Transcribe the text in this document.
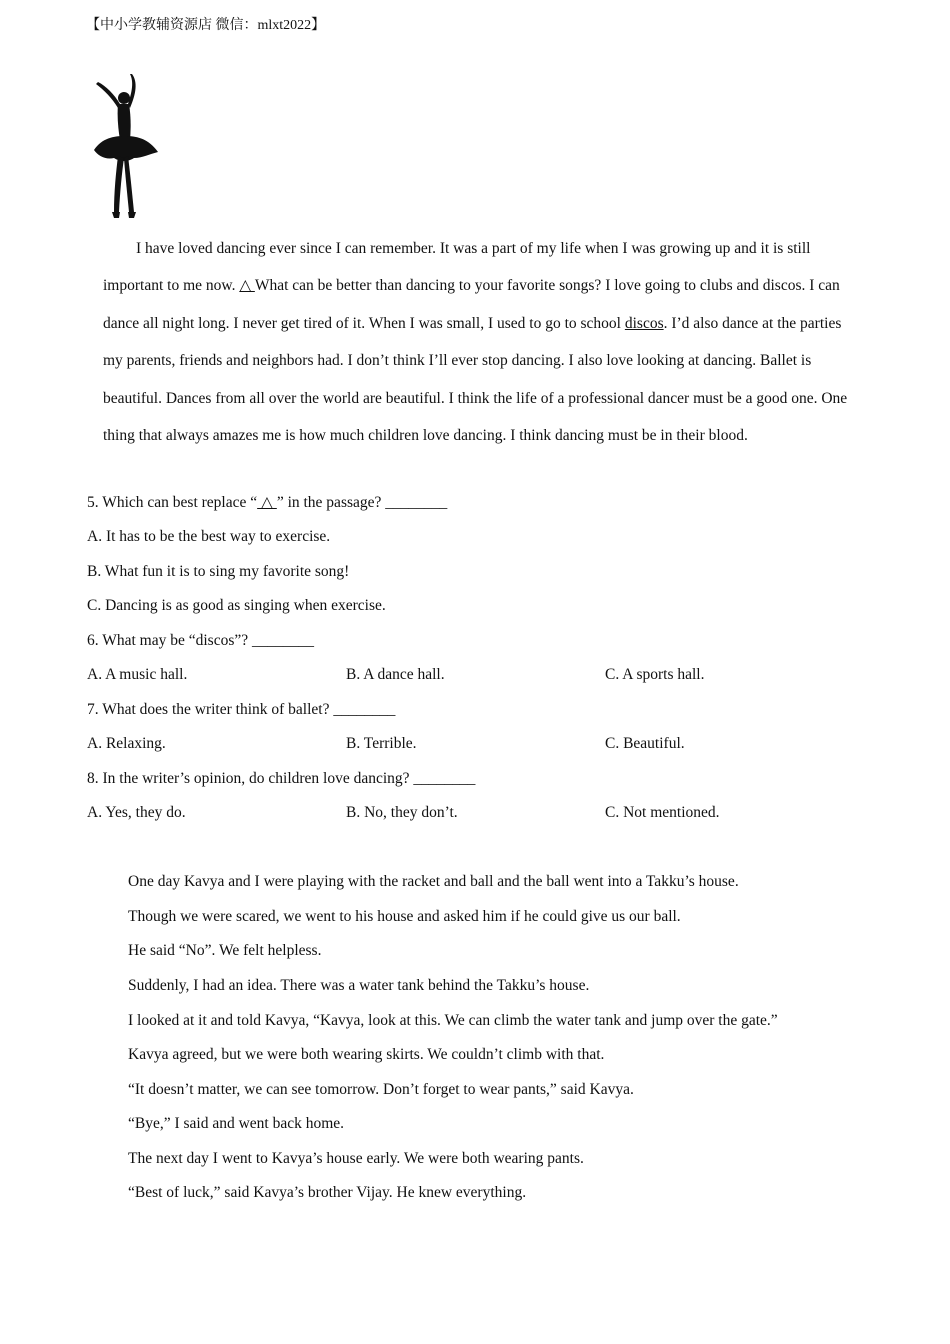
【中小学教辅资源店 微信：mlxt2022】

I have loved dancing ever since I can remember. It was a part of my life when I was growing up and it is still important to me now. △ What can be better than dancing to your favorite songs? I love going to clubs and discos. I can dance all night long. I never get tired of it. When I was small, I used to go to school discos. I’d also dance at the parties my parents, friends and neighbors had. I don’t think I’ll ever stop dancing. I also love looking at dancing. Ballet is beautiful. Dances from all over the world are beautiful. I think the life of a professional dancer must be a good one. One thing that always amazes me is how much children love dancing. I think dancing must be in their blood.

5. Which can best replace “ △ ” in the passage? ________
A. It has to be the best way to exercise.
B. What fun it is to sing my favorite song!
C. Dancing is as good as singing when exercise.
6. What may be “discos”? ________
A. A music hall.	B. A dance hall.	C. A sports hall.
7. What does the writer think of ballet? ________
A. Relaxing.	B. Terrible.	C. Beautiful.
8. In the writer’s opinion, do children love dancing? ________
A. Yes, they do.	B. No, they don’t.	C. Not mentioned.
One day Kavya and I were playing with the racket and ball and the ball went into a Takku’s house.
Though we were scared, we went to his house and asked him if he could give us our ball.
He said “No”. We felt helpless.
Suddenly, I had an idea. There was a water tank behind the Takku’s house.
I looked at it and told Kavya, “Kavya, look at this. We can climb the water tank and jump over the gate.”
Kavya agreed, but we were both wearing skirts. We couldn’t climb with that.
“It doesn’t matter, we can see tomorrow. Don’t forget to wear pants,” said Kavya.
“Bye,” I said and went back home.
The next day I went to Kavya’s house early. We were both wearing pants.
“Best of luck,” said Kavya’s brother Vijay. He knew everything.
